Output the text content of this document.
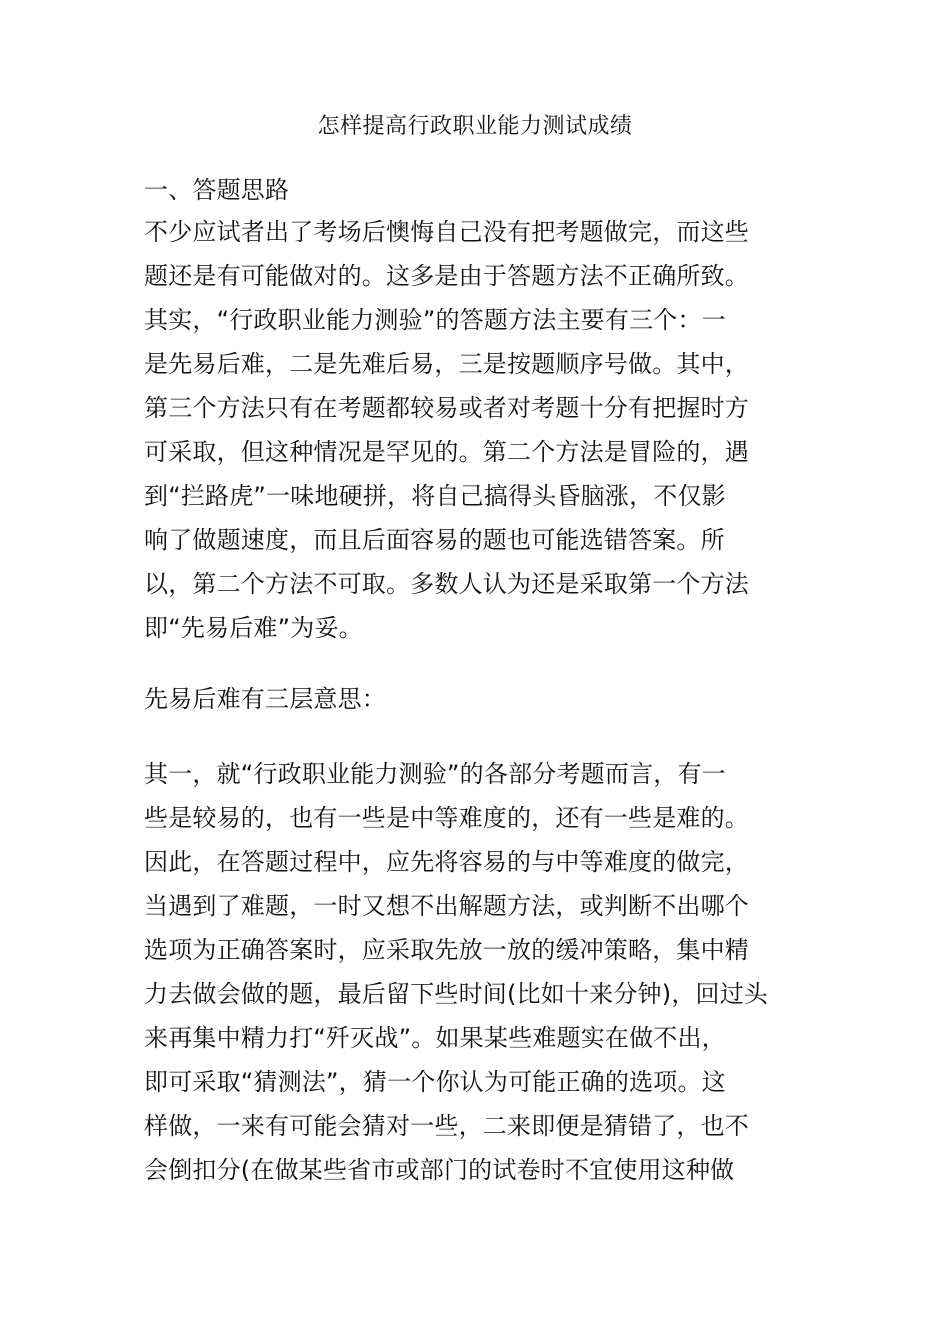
怎样提高行政职业能力测试成绩
一、答题思路
不少应试者出了考场后懊悔自己没有把考题做完，而这些
题还是有可能做对的。这多是由于答题方法不正确所致。
其实，“行政职业能力测验”的答题方法主要有三个：一
是先易后难，二是先难后易，三是按题顺序号做。其中，
第三个方法只有在考题都较易或者对考题十分有把握时方
可采取，但这种情况是罕见的。第二个方法是冒险的，遇
到“拦路虎”一味地硬拼，将自己搞得头昏脑涨，不仅影
响了做题速度，而且后面容易的题也可能选错答案。所
以，第二个方法不可取。多数人认为还是采取第一个方法
即“先易后难”为妥。
先易后难有三层意思：
其一，就“行政职业能力测验”的各部分考题而言，有一
些是较易的，也有一些是中等难度的，还有一些是难的。
因此，在答题过程中，应先将容易的与中等难度的做完，
当遇到了难题，一时又想不出解题方法，或判断不出哪个
选项为正确答案时，应采取先放一放的缓冲策略，集中精
力去做会做的题，最后留下些时间(比如十来分钟)，回过头
来再集中精力打“歼灭战”。如果某些难题实在做不出，
即可采取“猜测法”，猜一个你认为可能正确的选项。这
样做，一来有可能会猜对一些，二来即便是猜错了，也不
会倒扣分(在做某些省市或部门的试卷时不宜使用这种做
